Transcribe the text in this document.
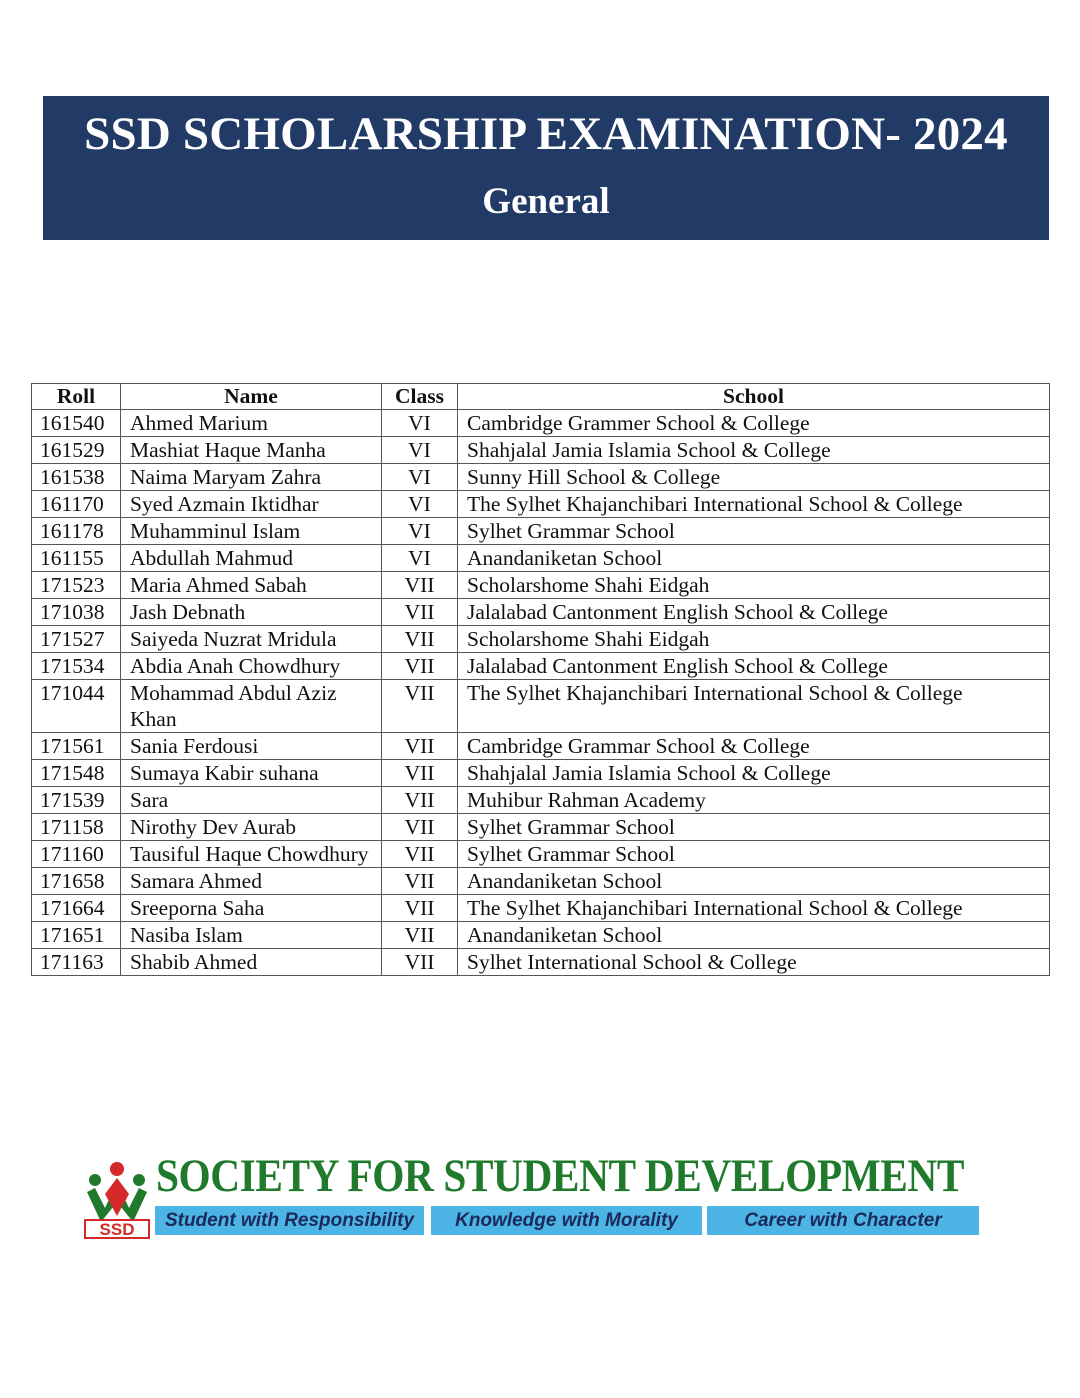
SSD SCHOLARSHIP EXAMINATION- 2024
General
Roll	Name	Class	School
161540	Ahmed Marium	VI	Cambridge Grammer School & College
161529	Mashiat Haque Manha	VI	Shahjalal Jamia Islamia School & College
161538	Naima Maryam Zahra	VI	Sunny Hill School & College
161170	Syed Azmain Iktidhar	VI	The Sylhet Khajanchibari International School & College
161178	Muhamminul Islam	VI	Sylhet Grammar School
161155	Abdullah Mahmud	VI	Anandaniketan School
171523	Maria Ahmed Sabah	VII	Scholarshome Shahi Eidgah
171038	Jash Debnath	VII	Jalalabad Cantonment English School & College
171527	Saiyeda Nuzrat Mridula	VII	Scholarshome Shahi Eidgah
171534	Abdia Anah Chowdhury	VII	Jalalabad Cantonment English School & College
171044	Mohammad Abdul Aziz Khan	VII	The Sylhet Khajanchibari International School & College
171561	Sania Ferdousi	VII	Cambridge Grammar School & College
171548	Sumaya Kabir suhana	VII	Shahjalal Jamia Islamia School & College
171539	Sara	VII	Muhibur Rahman Academy
171158	Nirothy Dev Aurab	VII	Sylhet Grammar School
171160	Tausiful Haque Chowdhury	VII	Sylhet Grammar School
171658	Samara Ahmed	VII	Anandaniketan School
171664	Sreeporna Saha	VII	The Sylhet Khajanchibari International School & College
171651	Nasiba Islam	VII	Anandaniketan School
171163	Shabib Ahmed	VII	Sylhet International School & College
SSD
SOCIETY FOR STUDENT DEVELOPMENT
Student with Responsibility	Knowledge with Morality	Career with Character
